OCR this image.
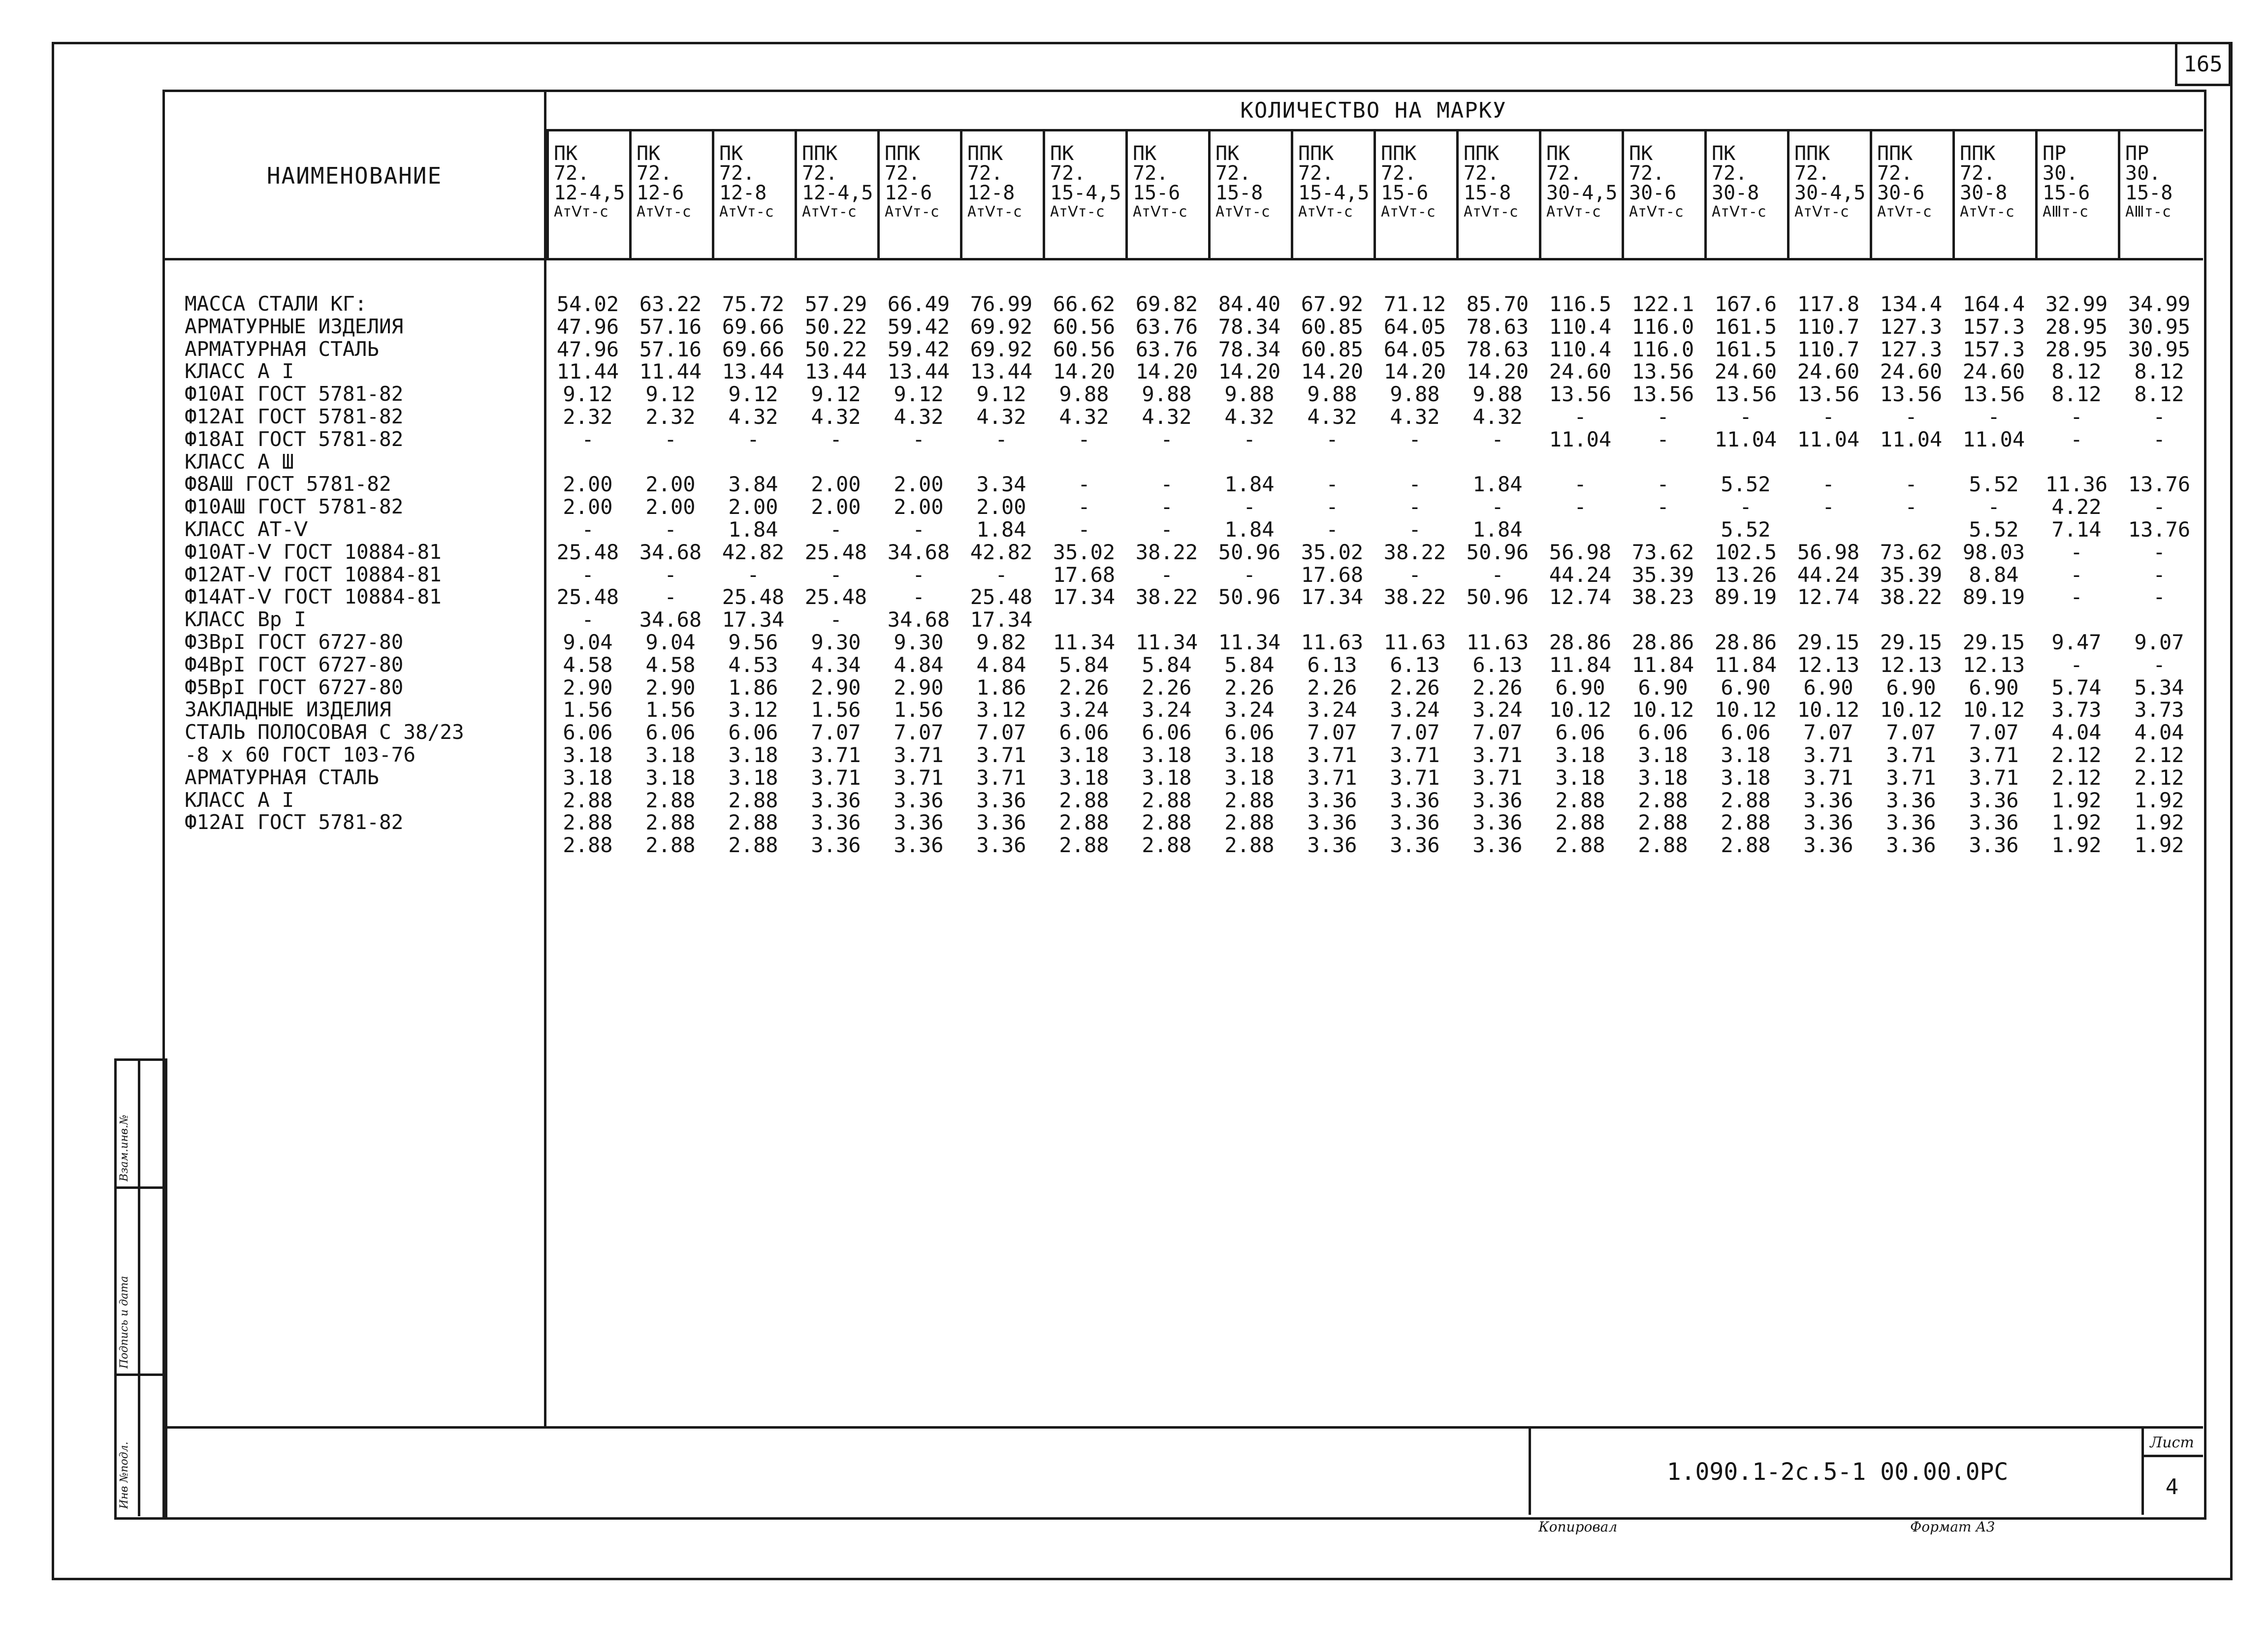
165
НАИМЕНОВАНИЕ
КОЛИЧЕСТВО НА МАРКУ
ПК
72.
12-4,5
АтⅤт-с
ПК
72.
12-6
АтⅤт-с
ПК
72.
12-8
АтⅤт-с
ППК
72.
12-4,5
АтⅤт-с
ППК
72.
12-6
АтⅤт-с
ППК
72.
12-8
АтⅤт-с
ПК
72.
15-4,5
АтⅤт-с
ПК
72.
15-6
АтⅤт-с
ПК
72.
15-8
АтⅤт-с
ППК
72.
15-4,5
АтⅤт-с
ППК
72.
15-6
АтⅤт-с
ППК
72.
15-8
АтⅤт-с
ПК
72.
30-4,5
АтⅤт-с
ПК
72.
30-6
АтⅤт-с
ПК
72.
30-8
АтⅤт-с
ППК
72.
30-4,5
АтⅤт-с
ППК
72.
30-6
АтⅤт-с
ППК
72.
30-8
АтⅤт-с
ПР
30.
15-6
АⅢт-с
ПР
30.
15-8
АⅢт-с
МАССА СТАЛИ КГ:
АРМАТУРНЫЕ ИЗДЕЛИЯ
АРМАТУРНАЯ СТАЛЬ
КЛАСС А I
Ф10АI ГОСТ 5781-82
Ф12АI ГОСТ 5781-82
Ф18АI ГОСТ 5781-82
КЛАСС А Ш
Ф8АШ ГОСТ 5781-82
Ф10АШ ГОСТ 5781-82
КЛАСС АТ-Ⅴ
Ф10АТ-Ⅴ ГОСТ 10884-81
Ф12АТ-Ⅴ ГОСТ 10884-81
Ф14АТ-Ⅴ ГОСТ 10884-81
КЛАСС Вр I
Ф3ВрI ГОСТ 6727-80
Ф4ВрI ГОСТ 6727-80
Ф5ВрI ГОСТ 6727-80
ЗАКЛАДНЫЕ ИЗДЕЛИЯ
СТАЛЬ ПОЛОСОВАЯ С 38/23
-8 х 60 ГОСТ 103-76
АРМАТУРНАЯ СТАЛЬ
КЛАСС А I
Ф12АI ГОСТ 5781-82
54.02
47.96
47.96
11.44
9.12
2.32
-
2.00
2.00
-
25.48
-
25.48
-
9.04
4.58
2.90
1.56
6.06
3.18
3.18
2.88
2.88
2.88
63.22
57.16
57.16
11.44
9.12
2.32
-
2.00
2.00
-
34.68
-
-
34.68
9.04
4.58
2.90
1.56
6.06
3.18
3.18
2.88
2.88
2.88
75.72
69.66
69.66
13.44
9.12
4.32
-
3.84
2.00
1.84
42.82
-
25.48
17.34
9.56
4.53
1.86
3.12
6.06
3.18
3.18
2.88
2.88
2.88
57.29
50.22
50.22
13.44
9.12
4.32
-
2.00
2.00
-
25.48
-
25.48
-
9.30
4.34
2.90
1.56
7.07
3.71
3.71
3.36
3.36
3.36
66.49
59.42
59.42
13.44
9.12
4.32
-
2.00
2.00
-
34.68
-
-
34.68
9.30
4.84
2.90
1.56
7.07
3.71
3.71
3.36
3.36
3.36
76.99
69.92
69.92
13.44
9.12
4.32
-
3.34
2.00
1.84
42.82
-
25.48
17.34
9.82
4.84
1.86
3.12
7.07
3.71
3.71
3.36
3.36
3.36
66.62
60.56
60.56
14.20
9.88
4.32
-
-
-
-
35.02
17.68
17.34
11.34
5.84
2.26
3.24
6.06
3.18
3.18
2.88
2.88
2.88
69.82
63.76
63.76
14.20
9.88
4.32
-
-
-
-
38.22
-
38.22
11.34
5.84
2.26
3.24
6.06
3.18
3.18
2.88
2.88
2.88
84.40
78.34
78.34
14.20
9.88
4.32
-
1.84
-
1.84
50.96
-
50.96
11.34
5.84
2.26
3.24
6.06
3.18
3.18
2.88
2.88
2.88
67.92
60.85
60.85
14.20
9.88
4.32
-
-
-
-
35.02
17.68
17.34
11.63
6.13
2.26
3.24
7.07
3.71
3.71
3.36
3.36
3.36
71.12
64.05
64.05
14.20
9.88
4.32
-
-
-
-
38.22
-
38.22
11.63
6.13
2.26
3.24
7.07
3.71
3.71
3.36
3.36
3.36
85.70
78.63
78.63
14.20
9.88
4.32
-
1.84
-
1.84
50.96
-
50.96
11.63
6.13
2.26
3.24
7.07
3.71
3.71
3.36
3.36
3.36
116.5
110.4
110.4
24.60
13.56
-
11.04
-
-
56.98
44.24
12.74
28.86
11.84
6.90
10.12
6.06
3.18
3.18
2.88
2.88
2.88
122.1
116.0
116.0
13.56
13.56
-
-
-
-
73.62
35.39
38.23
28.86
11.84
6.90
10.12
6.06
3.18
3.18
2.88
2.88
2.88
167.6
161.5
161.5
24.60
13.56
-
11.04
5.52
-
5.52
102.5
13.26
89.19
28.86
11.84
6.90
10.12
6.06
3.18
3.18
2.88
2.88
2.88
117.8
110.7
110.7
24.60
13.56
-
11.04
-
-
56.98
44.24
12.74
29.15
12.13
6.90
10.12
7.07
3.71
3.71
3.36
3.36
3.36
134.4
127.3
127.3
24.60
13.56
-
11.04
-
-
73.62
35.39
38.22
29.15
12.13
6.90
10.12
7.07
3.71
3.71
3.36
3.36
3.36
164.4
157.3
157.3
24.60
13.56
-
11.04
5.52
-
5.52
98.03
8.84
89.19
29.15
12.13
6.90
10.12
7.07
3.71
3.71
3.36
3.36
3.36
32.99
28.95
28.95
8.12
8.12
-
-
11.36
4.22
7.14
-
-
-
9.47
-
5.74
3.73
4.04
2.12
2.12
1.92
1.92
1.92
34.99
30.95
30.95
8.12
8.12
-
-
13.76
-
13.76
-
-
-
9.07
-
5.34
3.73
4.04
2.12
2.12
1.92
1.92
1.92
1.090.1-2с.5-1 00.00.0РС
Лист
4
Копировал	Формат А3
Инв №подл.
Подпись и дата
Взам.инв.№
